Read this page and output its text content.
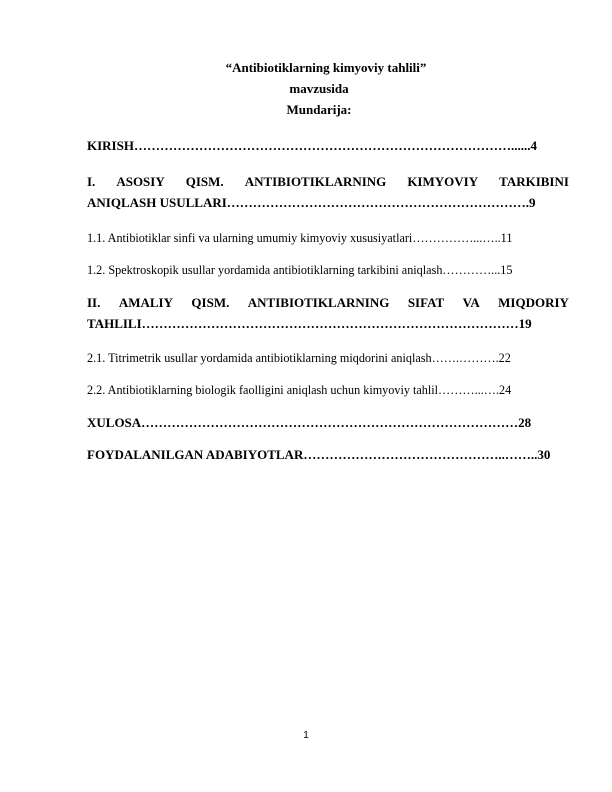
“Antibiotiklarning kimyoviy tahlili”
mavzusida
Mundarija:
KIRISH……………………………………………………………………………......4
I. ASOSIY QISM. ANTIBIOTIKLARNING KIMYOVIY TARKIBINI
ANIQLASH USULLARI…………………………………………………………….9
1.1. Antibiotiklar sinfi va ularning umumiy kimyoviy xususiyatlari……………...…..11
1.2. Spektroskopik usullar yordamida antibiotiklarning tarkibini aniqlash…………...15
II. AMALIY QISM. ANTIBIOTIKLARNING SIFAT VA MIQDORIY
TAHLILI……………………………………………………………………………19
2.1. Titrimetrik usullar yordamida antibiotiklarning miqdorini aniqlash…….……….22
2.2. Antibiotiklarning biologik faolligini aniqlash uchun kimyoviy tahlil………...….24
XULOSA……………………………………………………………………………28
FOYDALANILGAN ADABIYOTLAR………………………………………..……..30
1
